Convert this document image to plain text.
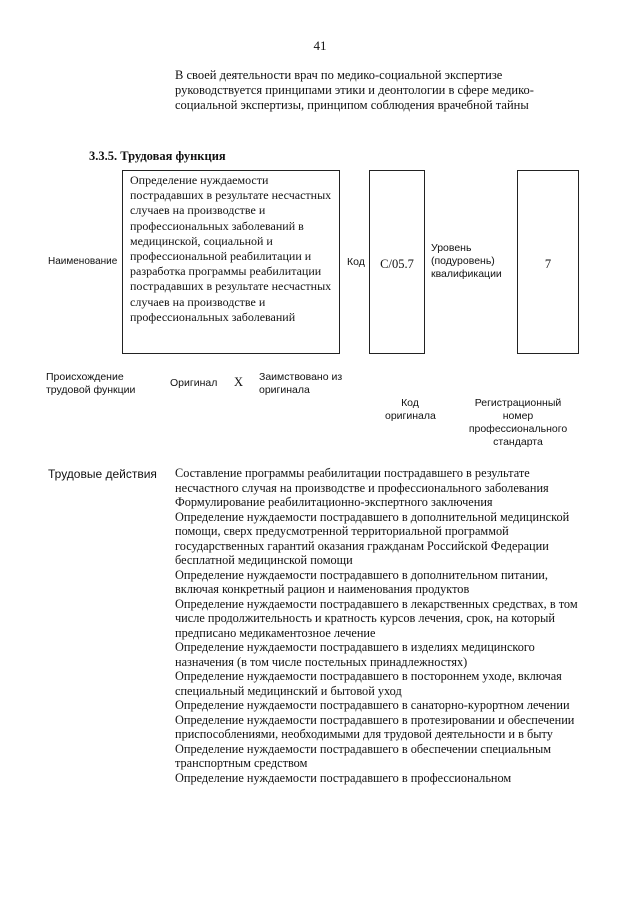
41
В своей деятельности врач по медико-социальной экспертизе руководствуется принципами этики и деонтологии в сфере медико-социальной экспертизы, принципом соблюдения врачебной тайны
3.3.5. Трудовая функция
Наименование
Определение нуждаемости пострадавших в результате несчастных случаев на производстве и профессиональных заболеваний в медицинской, социальной и профессиональной реабилитации и разработка программы реабилитации пострадавших в результате несчастных случаев на производстве и профессиональных заболеваний
Код	C/05.7
Уровень (подуровень) квалификации
7
Происхождение трудовой функции
Оригинал X Заимствовано из оригинала
Код оригинала
Регистрационный номер профессионального стандарта
Трудовые действия Составление программы реабилитации пострадавшего в результате несчастного случая на производстве и профессионального заболевания
Формулирование реабилитационно-экспертного заключения
Определение нуждаемости пострадавшего в дополнительной медицинской помощи, сверх предусмотренной территориальной программой государственных гарантий оказания гражданам Российской Федерации бесплатной медицинской помощи
Определение нуждаемости пострадавшего в дополнительном питании, включая конкретный рацион и наименования продуктов
Определение нуждаемости пострадавшего в лекарственных средствах, в том числе продолжительность и кратность курсов лечения, срок, на который предписано медикаментозное лечение
Определение нуждаемости пострадавшего в изделиях медицинского назначения (в том числе постельных принадлежностях)
Определение нуждаемости пострадавшего в постороннем уходе, включая специальный медицинский и бытовой уход
Определение нуждаемости пострадавшего в санаторно-курортном лечении
Определение нуждаемости пострадавшего в протезировании и обеспечении приспособлениями, необходимыми для трудовой деятельности и в быту
Определение нуждаемости пострадавшего в обеспечении специальным транспортным средством
Определение нуждаемости пострадавшего в профессиональном
